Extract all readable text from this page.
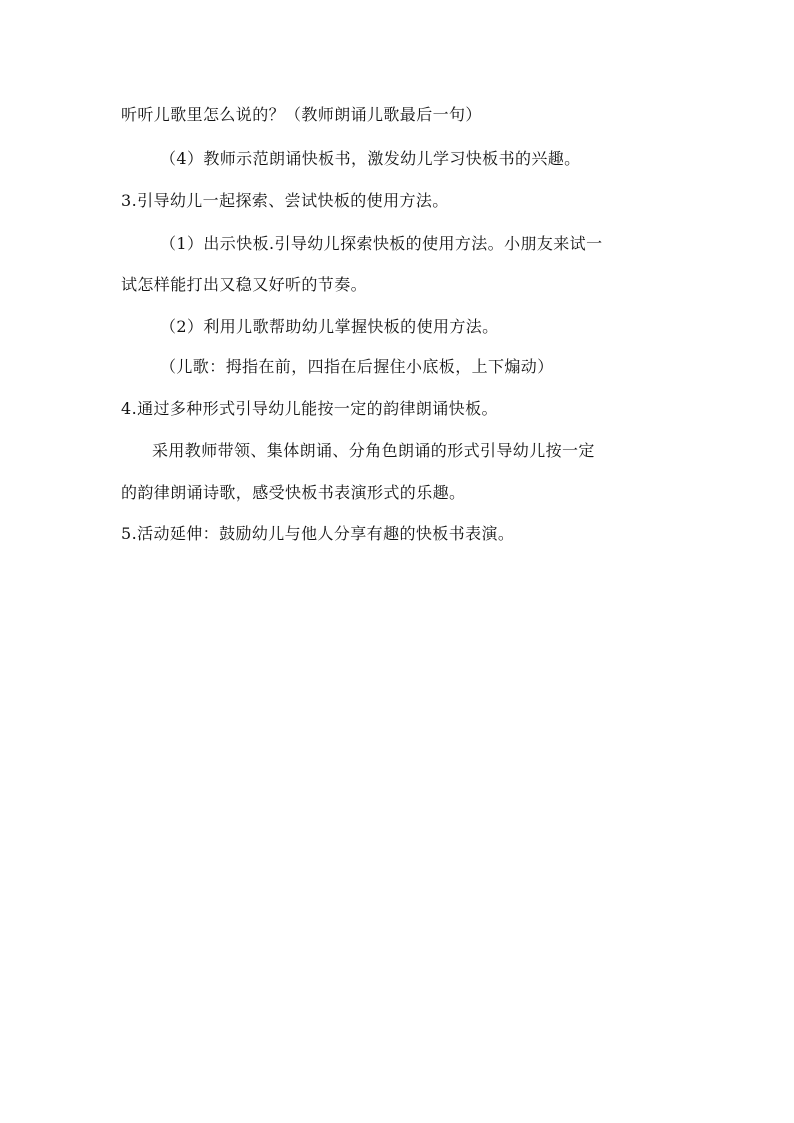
听听儿歌里怎么说的？（教师朗诵儿歌最后一句）
（4）教师示范朗诵快板书，激发幼儿学习快板书的兴趣。
3.引导幼儿一起探索、尝试快板的使用方法。
（1）出示快板.引导幼儿探索快板的使用方法。小朋友来试一
试怎样能打出又稳又好听的节奏。
（2）利用儿歌帮助幼儿掌握快板的使用方法。
（儿歌：拇指在前，四指在后握住小底板，上下煽动）
4.通过多种形式引导幼儿能按一定的韵律朗诵快板。
采用教师带领、集体朗诵、分角色朗诵的形式引导幼儿按一定
的韵律朗诵诗歌，感受快板书表演形式的乐趣。
5.活动延伸：鼓励幼儿与他人分享有趣的快板书表演。
